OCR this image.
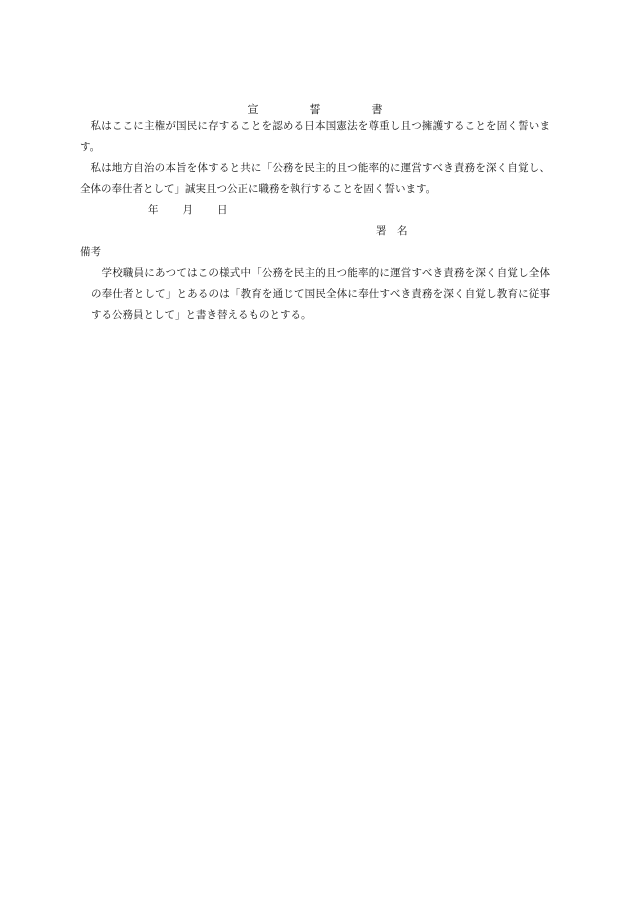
宣　誓　書

私はここに主権が国民に存することを認める日本国憲法を尊重し且つ擁護することを固く誓います。

私は地方自治の本旨を体すると共に「公務を民主的且つ能率的に運営すべき責務を深く自覚し、全体の奉仕者として」誠実且つ公正に職務を執行することを固く誓います。

年 月 日

署　名

備考

学校職員にあつてはこの様式中「公務を民主的且つ能率的に運営すべき責務を深く自覚し全体の奉仕者として」とあるのは「教育を通じて国民全体に奉仕すべき責務を深く自覚し教育に従事する公務員として」と書き替えるものとする。
